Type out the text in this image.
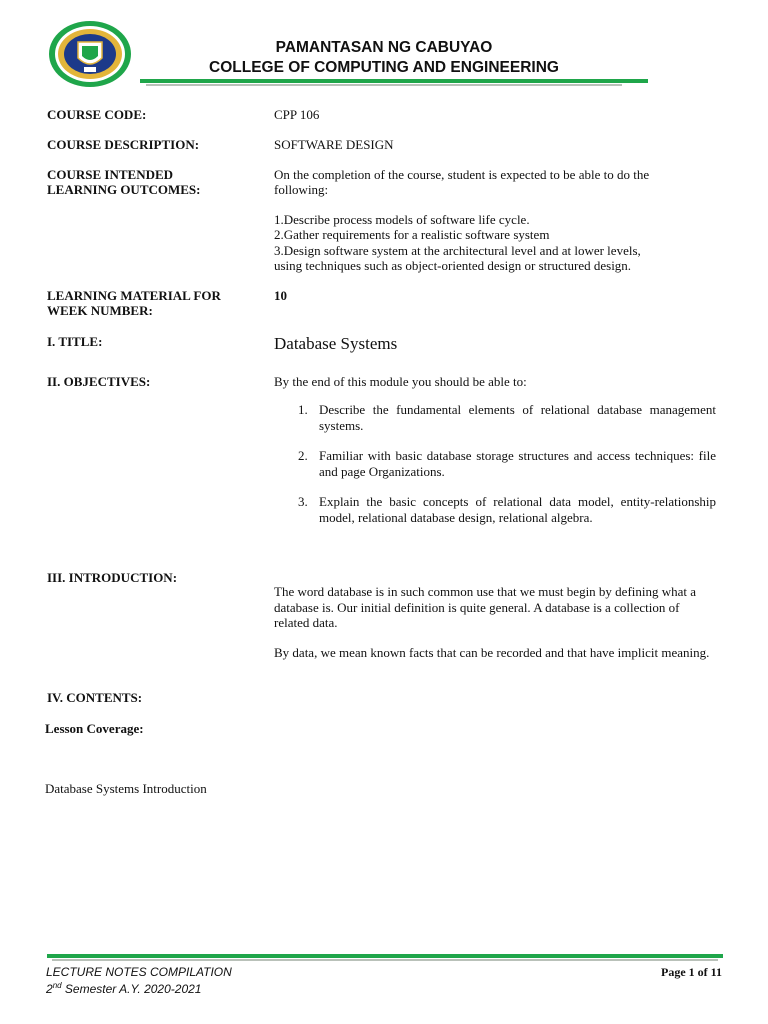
PAMANTASAN NG CABUYAO
COLLEGE OF COMPUTING AND ENGINEERING
COURSE CODE:	CPP 106
COURSE DESCRIPTION:	SOFTWARE DESIGN
COURSE INTENDED
LEARNING OUTCOMES:
On the completion of the course, student is expected to be able to do the
following:
1.Describe process models of software life cycle.
2.Gather requirements for a realistic software system
3.Design software system at the architectural level and at lower levels,
using techniques such as object-oriented design or structured design.
LEARNING MATERIAL FOR
WEEK NUMBER:
10
I. TITLE:	Database Systems
II. OBJECTIVES:	By the end of this module you should be able to:
1. Describe the fundamental elements of relational database management systems.
2. Familiar with basic database storage structures and access techniques: file and page Organizations.
3. Explain the basic concepts of relational data model, entity-relationship model, relational database design, relational algebra.
III. INTRODUCTION:
The word database is in such common use that we must begin by defining what a database is. Our initial definition is quite general. A database is a collection of related data.
By data, we mean known facts that can be recorded and that have implicit meaning.
IV. CONTENTS:
Lesson Coverage:
Database Systems Introduction
LECTURE NOTES COMPILATION
2nd Semester A.Y. 2020-2021
Page 1 of 11
